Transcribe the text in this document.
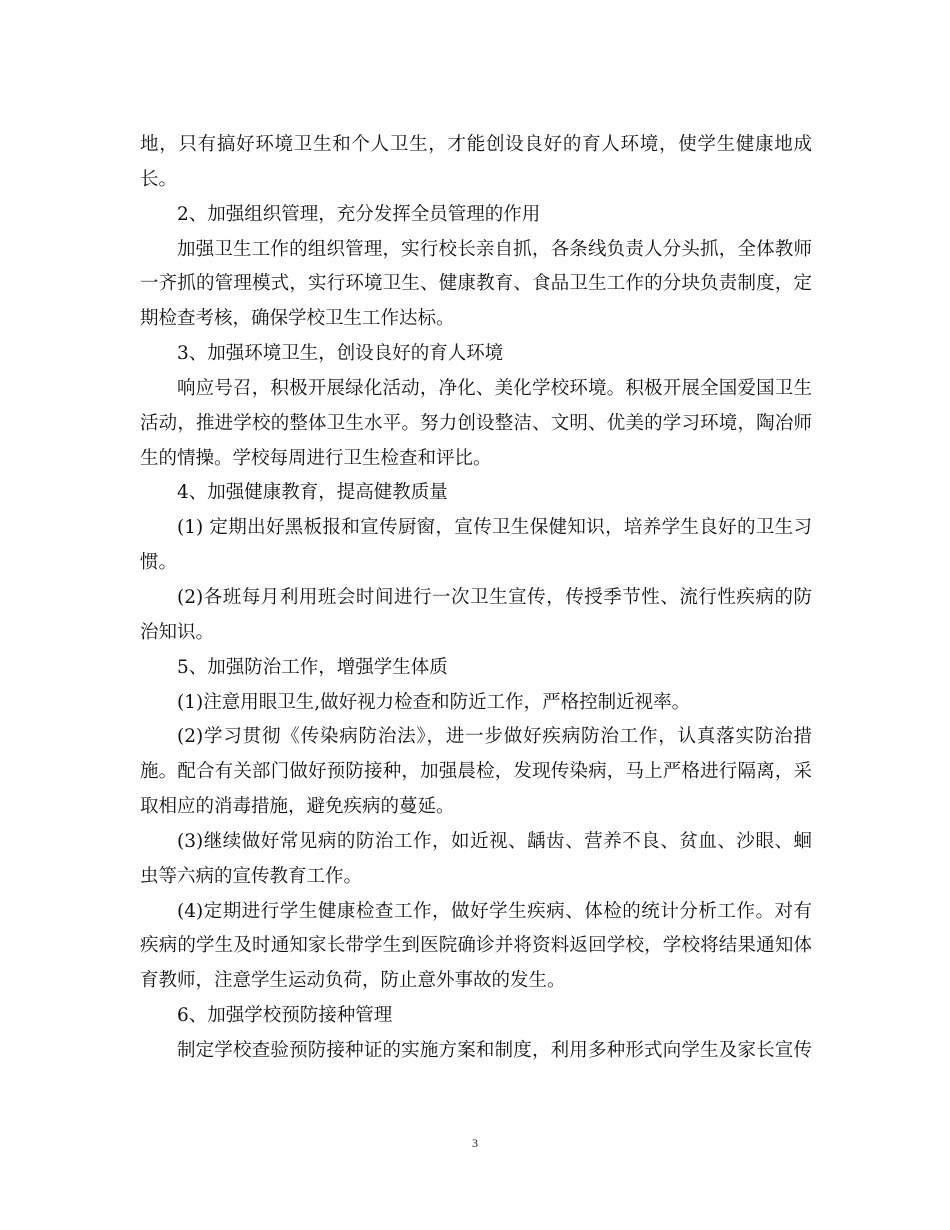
地，只有搞好环境卫生和个人卫生，才能创设良好的育人环境，使学生健康地成
长。
2、加强组织管理，充分发挥全员管理的作用
加强卫生工作的组织管理，实行校长亲自抓，各条线负责人分头抓，全体教师
一齐抓的管理模式，实行环境卫生、健康教育、食品卫生工作的分块负责制度，定
期检查考核，确保学校卫生工作达标。
3、加强环境卫生，创设良好的育人环境
响应号召，积极开展绿化活动，净化、美化学校环境。积极开展全国爱国卫生
活动，推进学校的整体卫生水平。努力创设整洁、文明、优美的学习环境，陶冶师
生的情操。学校每周进行卫生检查和评比。
4、加强健康教育，提高健教质量
(1) 定期出好黑板报和宣传厨窗，宣传卫生保健知识，培养学生良好的卫生习
惯。
(2)各班每月利用班会时间进行一次卫生宣传，传授季节性、流行性疾病的防
治知识。
5、加强防治工作，增强学生体质
(1)注意用眼卫生,做好视力检查和防近工作，严格控制近视率。
(2)学习贯彻《传染病防治法》，进一步做好疾病防治工作，认真落实防治措
施。配合有关部门做好预防接种，加强晨检，发现传染病，马上严格进行隔离，采
取相应的消毒措施，避免疾病的蔓延。
(3)继续做好常见病的防治工作，如近视、龋齿、营养不良、贫血、沙眼、蛔
虫等六病的宣传教育工作。
(4)定期进行学生健康检查工作，做好学生疾病、体检的统计分析工作。对有
疾病的学生及时通知家长带学生到医院确诊并将资料返回学校，学校将结果通知体
育教师，注意学生运动负荷，防止意外事故的发生。
6、加强学校预防接种管理
制定学校查验预防接种证的实施方案和制度，利用多种形式向学生及家长宣传
3
